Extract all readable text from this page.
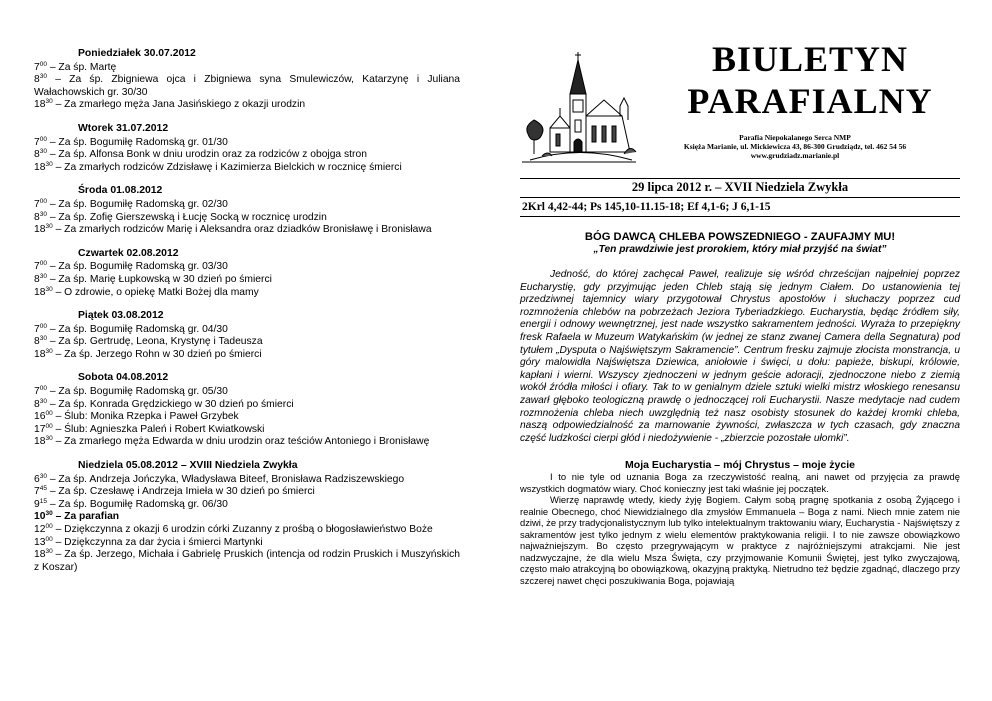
Poniedziałek 30.07.2012
$7^{00}$ – Za śp. Martę
$8^{30}$ – Za śp. Zbigniewa ojca i Zbigniewa syna Smulewiczów, Katarzynę i Juliana Wałachowskich gr. 30/30
$18^{30}$ – Za zmarłego męża Jana Jasińskiego z okazji urodzin
Wtorek 31.07.2012
$7^{00}$ – Za śp. Bogumiłę Radomską gr. 01/30
$8^{30}$ – Za śp. Alfonsa Bonk w dniu urodzin oraz za rodziców z obojga stron
$18^{30}$ – Za zmarłych rodziców Zdzisławę i Kazimierza Bielckich w rocznicę śmierci
Środa 01.08.2012
$7^{00}$ – Za śp. Bogumiłę Radomską gr. 02/30
$8^{30}$ – Za śp. Zofię Gierszewską i Łucję Socką w rocznicę urodzin
$18^{30}$ – Za zmarłych rodziców Marię i Aleksandra oraz dziadków Bronisławę i Bronisława
Czwartek 02.08.2012
$7^{00}$ – Za śp. Bogumiłę Radomską gr. 03/30
$8^{30}$ – Za śp. Marię Łupkowską w 30 dzień po śmierci
$18^{30}$ – O zdrowie, o opiekę Matki Bożej dla mamy
Piątek 03.08.2012
$7^{00}$ – Za śp. Bogumiłę Radomską gr. 04/30
$8^{30}$ – Za śp. Gertrudę, Leona, Krystynę i Tadeusza
$18^{30}$ – Za śp. Jerzego Rohn w 30 dzień po śmierci
Sobota 04.08.2012
$7^{00}$ – Za śp. Bogumiłę Radomską gr. 05/30
$8^{30}$ – Za śp. Konrada Grędzickiego w 30 dzień po śmierci
$16^{00}$ – Ślub: Monika Rzepka i Paweł Grzybek
$17^{00}$ – Ślub: Agnieszka Paleń i Robert Kwiatkowski
$18^{30}$ – Za zmarłego męża Edwarda w dniu urodzin oraz teściów Antoniego i Bronisławę
Niedziela 05.08.2012 – XVIII Niedziela Zwykła
$6^{30}$ – Za śp. Andrzeja Jończyka, Władysława Biteef, Bronisława Radziszewskiego
$7^{45}$ – Za śp. Czesławę i Andrzeja Imieła w 30 dzień po śmierci
$9^{15}$ – Za śp. Bogumiłę Radomską gr. 06/30
$10^{30}$ – Za parafian
$12^{00}$ – Dziękczynna z okazji 6 urodzin córki Zuzanny z prośbą o błogosławieństwo Boże
$13^{00}$ – Dziękczynna za dar życia i śmierci Martynki
$18^{30}$ – Za śp. Jerzego, Michała i Gabrielę Pruskich (intencja od rodzin Pruskich i Muszyńskich z Koszar)
BIULETYN
PARAFIALNY
Parafia Niepokalanego Serca NMP
Księża Marianie, ul. Mickiewicza 43, 86-300 Grudziądz, tel. 462 54 56
www.grudziadz.marianie.pl
29 lipca 2012 r. – XVII Niedziela Zwykła
2Krl 4,42-44; Ps 145,10-11.15-18; Ef 4,1-6; J 6,1-15
BÓG DAWCĄ CHLEBA POWSZEDNIEGO - ZAUFAJMY MU!
„Ten prawdziwie jest prorokiem, który miał przyjść na świat”
Jedność, do której zachęcał Paweł, realizuje się wśród chrześcijan najpełniej poprzez Eucharystię, gdy przyjmując jeden Chleb stają się jednym Ciałem. Do ustanowienia tej przedziwnej tajemnicy wiary przygotował Chrystus apostołów i słuchaczy poprzez cud rozmnożenia chlebów na pobrzeżach Jeziora Tyberiadzkiego. Eucharystia, będąc źródłem siły, energii i odnowy wewnętrznej, jest nade wszystko sakramentem jedności. Wyraża to przepiękny fresk Rafaela w Muzeum Watykańskim (w jednej ze stanz zwanej Camera della Segnatura) pod tytułem „Dysputa o Najświętszym Sakramencie”. Centrum fresku zajmuje złocista monstrancja, u góry malowidła Najświętsza Dziewica, aniołowie i święci, u dołu: papieże, biskupi, królowie, kapłani i wierni. Wszyscy zjednoczeni w jednym geście adoracji, zjednoczone niebo z ziemią wokół źródła miłości i ofiary. Tak to w genialnym dziele sztuki wielki mistrz włoskiego renesansu zawarł głęboko teologiczną prawdę o jednoczącej roli Eucharystii. Nasze medytacje nad cudem rozmnożenia chleba niech uwzględnią też nasz osobisty stosunek do każdej kromki chleba, naszą odpowiedzialność za marnowanie żywności, zwłaszcza w tych czasach, gdy znaczna część ludzkości cierpi głód i niedożywienie - „zbierzcie pozostałe ułomki”.
Moja Eucharystia – mój Chrystus – moje życie

I to nie tyle od uznania Boga za rzeczywistość realną, ani nawet od przyjęcia za prawdę wszystkich dogmatów wiary. Choć konieczny jest taki właśnie jej początek.

Wierzę naprawdę wtedy, kiedy żyję Bogiem. Całym sobą pragnę spotkania z osobą Żyjącego i realnie Obecnego, choć Niewidzialnego dla zmysłów Emmanuela – Boga z nami. Niech mnie zatem nie dziwi, że przy tradycjonalistycznym lub tylko intelektualnym traktowaniu wiary, Eucharystia - Najświętszy z sakramentów jest tylko jednym z wielu elementów praktykowania religii. I to nie zawsze obowiązkowo najważniejszym. Bo często przegrywającym w praktyce z najróżniejszymi atrakcjami. Nie jest nadzwyczajne, że dla wielu Msza Święta, czy przyjmowanie Komunii Świętej, jest tylko zwyczajową, często mało atrakcyjną bo obowiązkową, okazyjną praktyką. Nietrudno też będzie zgadnąć, dlaczego przy szczerej nawet chęci poszukiwania Boga, pojawiają
